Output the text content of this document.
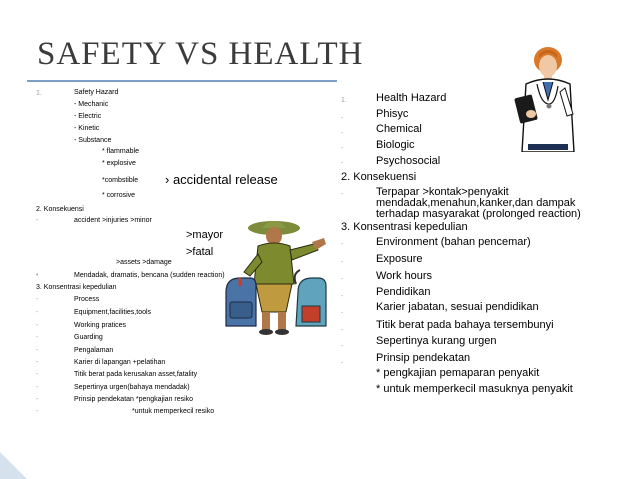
SAFETY VS HEALTH
1.	Safety Hazard
- Mechanic
- Electric
- Kinetic
- Substance
* flammable
* explosive
*combstible › accidental release
* corrosive
2. Konsekuensi
-	accident >injuries >minor
>mayor
>fatal
>assets >damage
•	Mendadak, dramatis, bencana (sudden reaction)
3. Konsentrasi kepedulian
-	Process
-	Equipment,facilities,tools
-	Working pratices
-	Guarding
-	Pengalaman
-	Karier di lapangan +pelatihan
-	Titik berat pada kerusakan asset,fatality
-	Sepertinya urgen(bahaya mendadak)
-	Prinsip pendekatan *pengkajian resiko
-	*untuk memperkecil resiko
1.	Health Hazard
-	Phisyc
-	Chemical
-	Biologic
-	Psychosocial
2. Konsekuensi
-	Terpapar >kontak>penyakit
mendadak,menahun,kanker,dan dampak
terhadap masyarakat (prolonged reaction)
3. Konsentrasi kepedulian
-	Environment (bahan pencemar)
-	Exposure
-	Work hours
-	Pendidikan
-
Karier jabatan, sesuai pendidikan
-	Titik berat pada bahaya tersembunyi
-	Sepertinya kurang urgen
-	Prinsip pendekatan
* pengkajian pemaparan penyakit
* untuk memperkecil masuknya penyakit
